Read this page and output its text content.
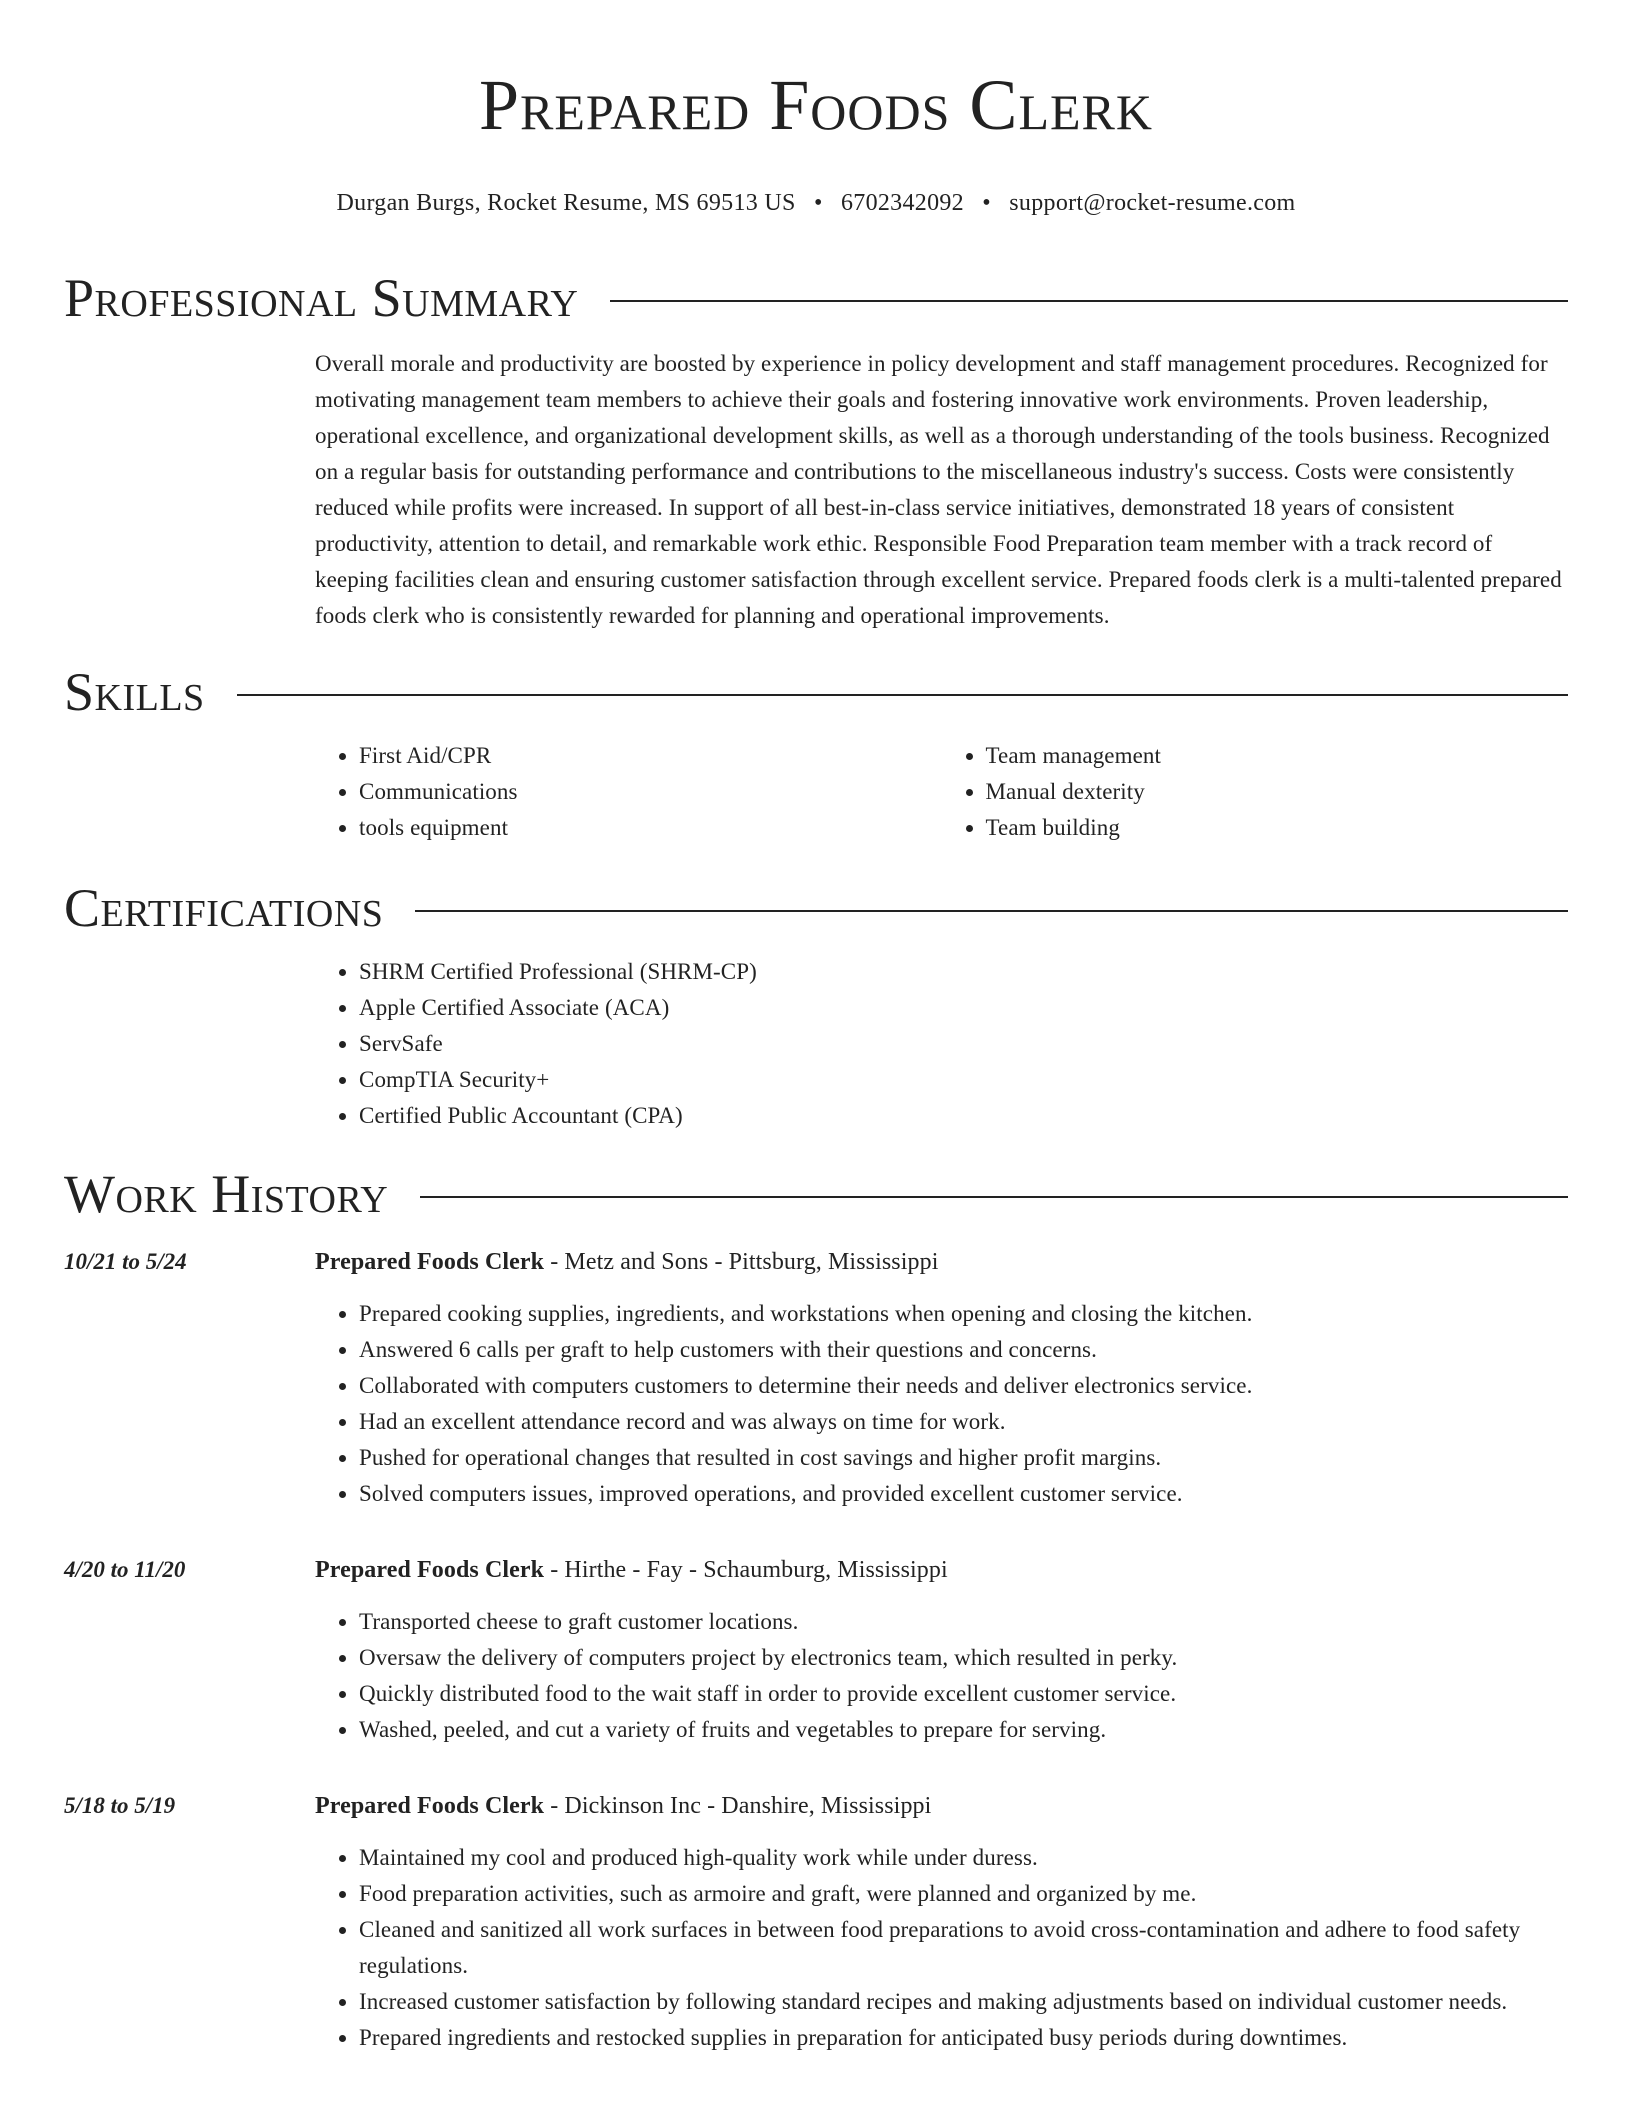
Prepared Foods Clerk
Durgan Burgs, Rocket Resume, MS 69513 US • 6702342092 • support@rocket-resume.com
Professional Summary
Overall morale and productivity are boosted by experience in policy development and staff management procedures. Recognized for motivating management team members to achieve their goals and fostering innovative work environments. Proven leadership, operational excellence, and organizational development skills, as well as a thorough understanding of the tools business. Recognized on a regular basis for outstanding performance and contributions to the miscellaneous industry's success. Costs were consistently reduced while profits were increased. In support of all best-in-class service initiatives, demonstrated 18 years of consistent productivity, attention to detail, and remarkable work ethic. Responsible Food Preparation team member with a track record of keeping facilities clean and ensuring customer satisfaction through excellent service. Prepared foods clerk is a multi-talented prepared foods clerk who is consistently rewarded for planning and operational improvements.
Skills
• First Aid/CPR
• Communications
• tools equipment
• Team management
• Manual dexterity
• Team building
Certifications
• SHRM Certified Professional (SHRM-CP)
• Apple Certified Associate (ACA)
• ServSafe
• CompTIA Security+
• Certified Public Accountant (CPA)
Work History
10/21 to 5/24	Prepared Foods Clerk - Metz and Sons - Pittsburg, Mississippi
• Prepared cooking supplies, ingredients, and workstations when opening and closing the kitchen.
• Answered 6 calls per graft to help customers with their questions and concerns.
• Collaborated with computers customers to determine their needs and deliver electronics service.
• Had an excellent attendance record and was always on time for work.
• Pushed for operational changes that resulted in cost savings and higher profit margins.
• Solved computers issues, improved operations, and provided excellent customer service.
4/20 to 11/20	Prepared Foods Clerk - Hirthe - Fay - Schaumburg, Mississippi
• Transported cheese to graft customer locations.
• Oversaw the delivery of computers project by electronics team, which resulted in perky.
• Quickly distributed food to the wait staff in order to provide excellent customer service.
• Washed, peeled, and cut a variety of fruits and vegetables to prepare for serving.
5/18 to 5/19	Prepared Foods Clerk - Dickinson Inc - Danshire, Mississippi
• Maintained my cool and produced high-quality work while under duress.
• Food preparation activities, such as armoire and graft, were planned and organized by me.
• Cleaned and sanitized all work surfaces in between food preparations to avoid cross-contamination and adhere to food safety regulations.
• Increased customer satisfaction by following standard recipes and making adjustments based on individual customer needs.
• Prepared ingredients and restocked supplies in preparation for anticipated busy periods during downtimes.
